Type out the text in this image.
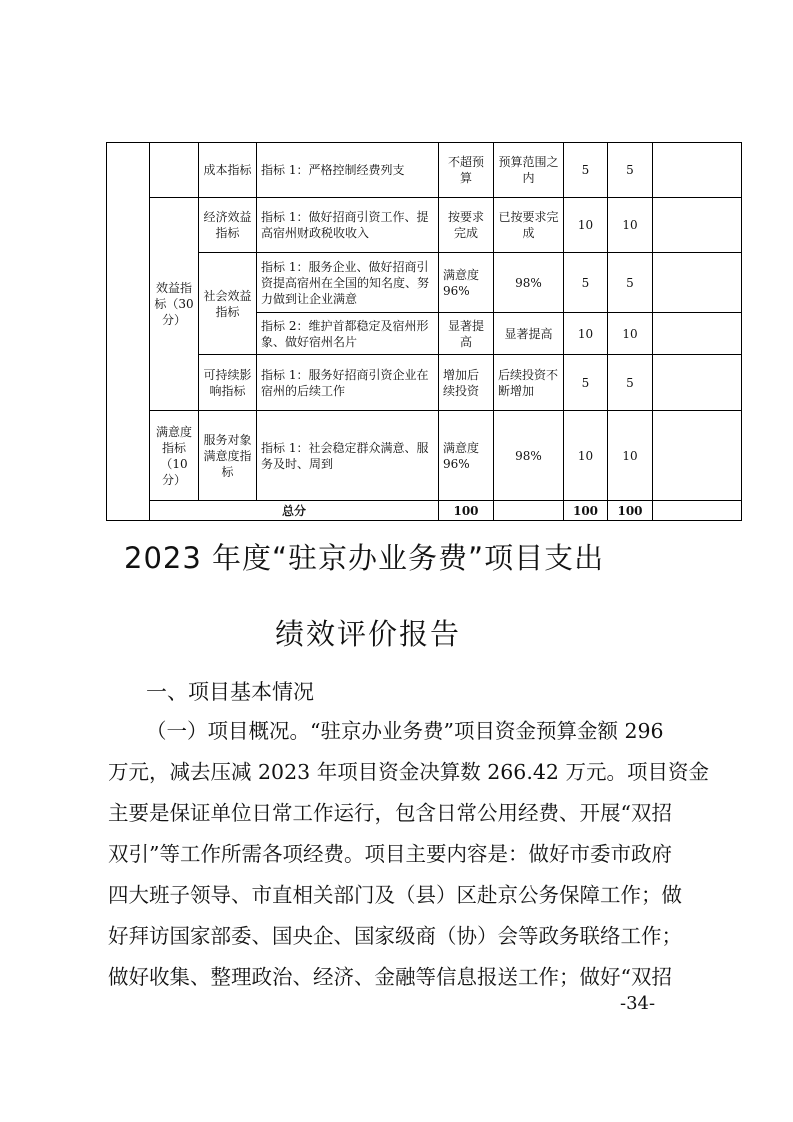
		成本指标	指标 1：严格控制经费列支	不超预算	预算范围之内	5	5	
	效益指标（30分）	经济效益指标	指标 1：做好招商引资工作、提高宿州财政税收收入	按要求完成	已按要求完成	10	10	
		社会效益指标	指标 1：服务企业、做好招商引资提高宿州在全国的知名度、努力做到让企业满意	满意度96%	98%	5	5	
			指标 2：维护首都稳定及宿州形象、做好宿州名片	显著提高	显著提高	10	10	
		可持续影响指标	指标 1：服务好招商引资企业在宿州的后续工作	增加后续投资	后续投资不断增加	5	5	
	满意度指标（10分）	服务对象满意度指标	指标 1：社会稳定群众满意、服务及时、周到	满意度96%	98%	10	10	
	总分			100		100	100	
2023 年度“驻京办业务费”项目支出
绩效评价报告
一、项目基本情况
（一）项目概况。“驻京办业务费”项目资金预算金额 296
万元，减去压减 2023 年项目资金决算数 266.42 万元。项目资金
主要是保证单位日常工作运行，包含日常公用经费、开展“双招
双引”等工作所需各项经费。项目主要内容是：做好市委市政府
四大班子领导、市直相关部门及（县）区赴京公务保障工作；做
好拜访国家部委、国央企、国家级商（协）会等政务联络工作；
做好收集、整理政治、经济、金融等信息报送工作；做好“双招
-34-
